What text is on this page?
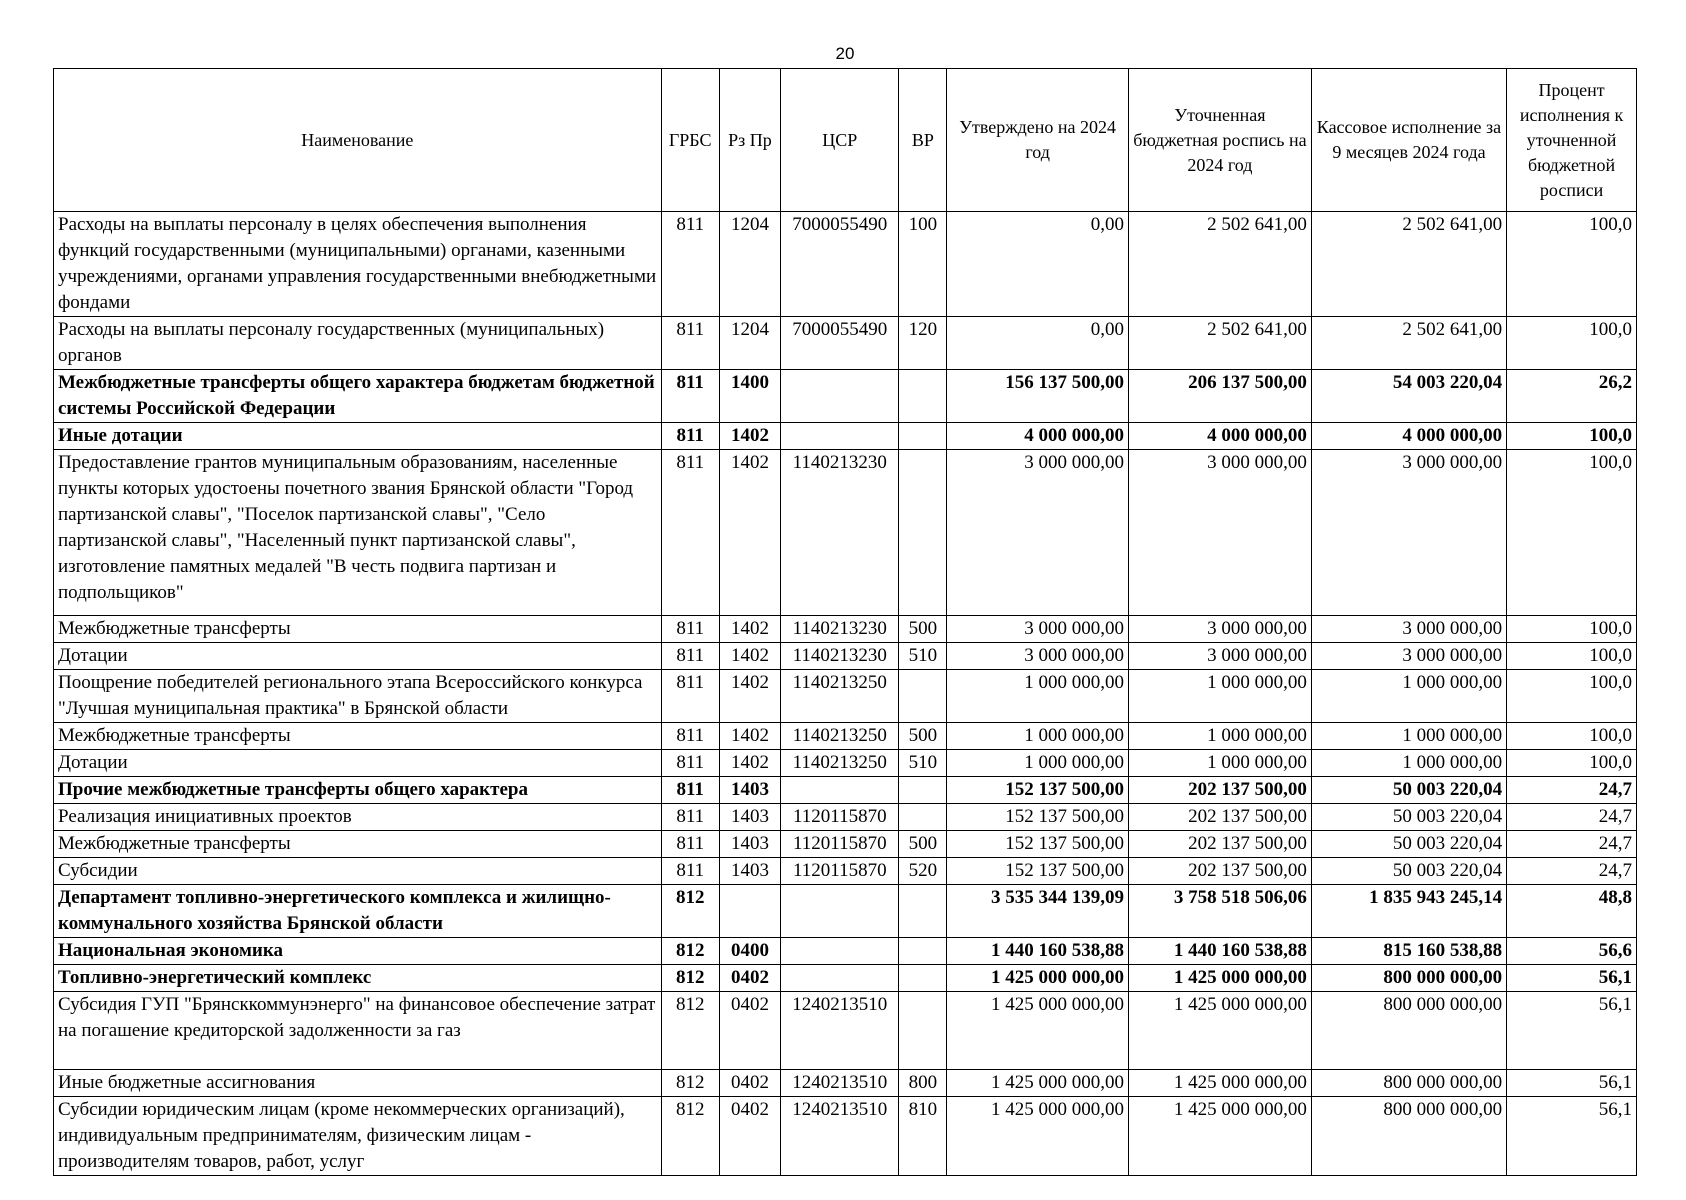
20
Наименование	ГРБС	Рз Пр	ЦСР	ВР	Утверждено на 2024 год	Уточненная бюджетная роспись на 2024 год	Кассовое исполнение за 9 месяцев 2024 года	Процент исполнения к уточненной бюджетной росписи
Расходы на выплаты персоналу в целях обеспечения выполнения функций государственными (муниципальными) органами, казенными учреждениями, органами управления государственными внебюджетными фондами	811	1204	7000055490	100	0,00	2 502 641,00	2 502 641,00	100,0
Расходы на выплаты персоналу государственных (муниципальных) органов	811	1204	7000055490	120	0,00	2 502 641,00	2 502 641,00	100,0
Межбюджетные трансферты общего характера бюджетам бюджетной системы Российской Федерации	811	1400			156 137 500,00	206 137 500,00	54 003 220,04	26,2
Иные дотации	811	1402			4 000 000,00	4 000 000,00	4 000 000,00	100,0
Предоставление грантов муниципальным образованиям, населенные пункты которых удостоены почетного звания Брянской области "Город партизанской славы", "Поселок партизанской славы", "Село партизанской славы", "Населенный пункт партизанской славы", изготовление памятных медалей "В честь подвига партизан и подпольщиков"	811	1402	1140213230		3 000 000,00	3 000 000,00	3 000 000,00	100,0
Межбюджетные трансферты	811	1402	1140213230	500	3 000 000,00	3 000 000,00	3 000 000,00	100,0
Дотации	811	1402	1140213230	510	3 000 000,00	3 000 000,00	3 000 000,00	100,0
Поощрение победителей регионального этапа Всероссийского конкурса "Лучшая муниципальная практика" в Брянской области	811	1402	1140213250		1 000 000,00	1 000 000,00	1 000 000,00	100,0
Межбюджетные трансферты	811	1402	1140213250	500	1 000 000,00	1 000 000,00	1 000 000,00	100,0
Дотации	811	1402	1140213250	510	1 000 000,00	1 000 000,00	1 000 000,00	100,0
Прочие межбюджетные трансферты общего характера	811	1403			152 137 500,00	202 137 500,00	50 003 220,04	24,7
Реализация инициативных проектов	811	1403	1120115870		152 137 500,00	202 137 500,00	50 003 220,04	24,7
Межбюджетные трансферты	811	1403	1120115870	500	152 137 500,00	202 137 500,00	50 003 220,04	24,7
Субсидии	811	1403	1120115870	520	152 137 500,00	202 137 500,00	50 003 220,04	24,7
Департамент топливно-энергетического комплекса и жилищно-коммунального хозяйства Брянской области	812				3 535 344 139,09	3 758 518 506,06	1 835 943 245,14	48,8
Национальная экономика	812	0400			1 440 160 538,88	1 440 160 538,88	815 160 538,88	56,6
Топливно-энергетический комплекс	812	0402			1 425 000 000,00	1 425 000 000,00	800 000 000,00	56,1
Субсидия ГУП "Брянсккоммунэнерго" на финансовое обеспечение затрат на погашение кредиторской задолженности за газ	812	0402	1240213510		1 425 000 000,00	1 425 000 000,00	800 000 000,00	56,1
Иные бюджетные ассигнования	812	0402	1240213510	800	1 425 000 000,00	1 425 000 000,00	800 000 000,00	56,1
Субсидии юридическим лицам (кроме некоммерческих организаций), индивидуальным предпринимателям, физическим лицам - производителям товаров, работ, услуг	812	0402	1240213510	810	1 425 000 000,00	1 425 000 000,00	800 000 000,00	56,1
